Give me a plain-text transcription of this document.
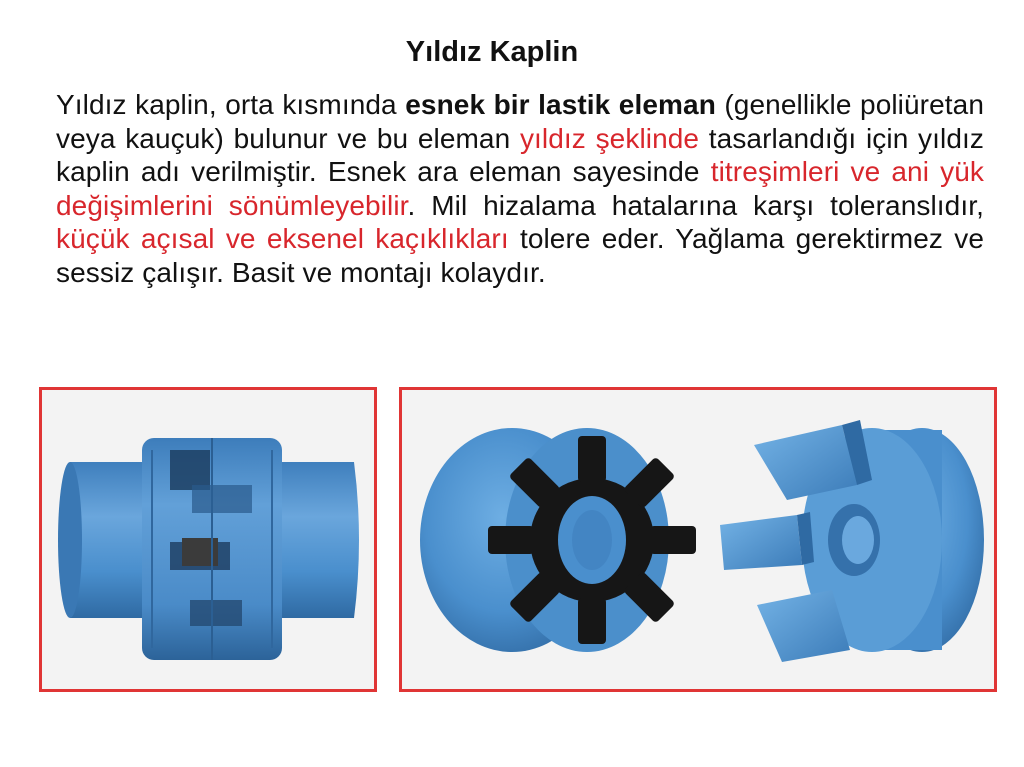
Yıldız Kaplin
Yıldız kaplin, orta kısmında esnek bir lastik eleman (genellikle poliüretan veya kauçuk) bulunur ve bu eleman yıldız şeklinde tasarlandığı için yıldız kaplin adı verilmiştir. Esnek ara eleman sayesinde titreşimleri ve ani yük değişimlerini sönümleyebilir. Mil hizalama hatalarına karşı toleranslıdır, küçük açısal ve eksenel kaçıklıkları tolere eder. Yağlama gerektirmez ve sessiz çalışır. Basit ve montajı kolaydır.
